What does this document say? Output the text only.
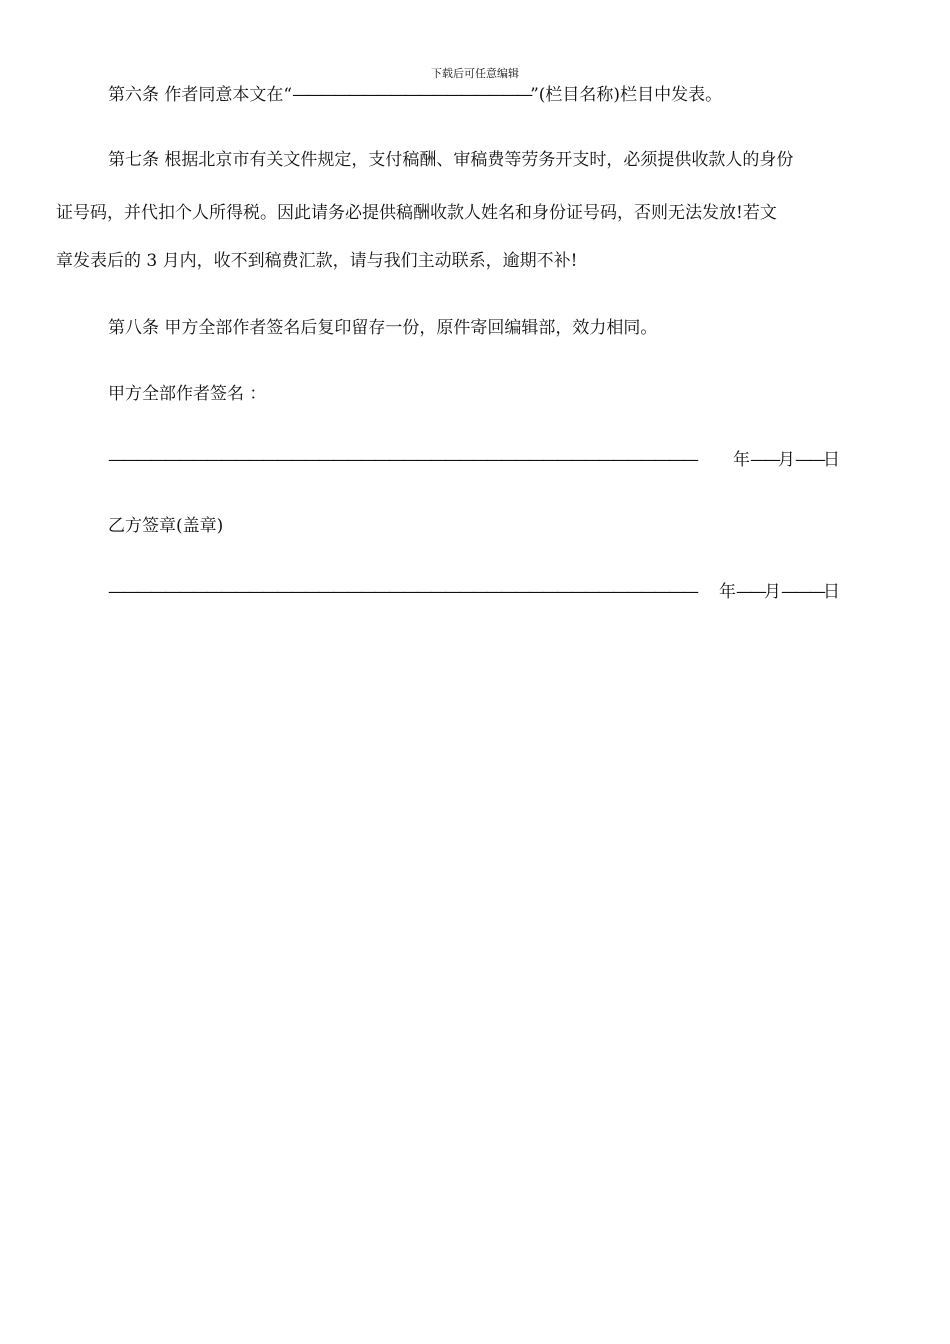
下载后可任意编辑
第六条 作者同意本文在“—————————————————”(栏目名称)栏目中发表。
第七条 根据北京市有关文件规定，支付稿酬、审稿费等劳务开支时，必须提供收款人的身份
证号码，并代扣个人所得税。因此请务必提供稿酬收款人姓名和身份证号码，否则无法发放!若文
章发表后的 3 月内，收不到稿费汇款，请与我们主动联系，逾期不补!
第八条 甲方全部作者签名后复印留存一份，原件寄回编辑部，效力相同。
甲方全部作者签名 ：
——————————————————————————————————————————	年 —— 月 —— 日
乙方签章(盖章)
——————————————————————————————————————————	年 —— 月 ——— 日
